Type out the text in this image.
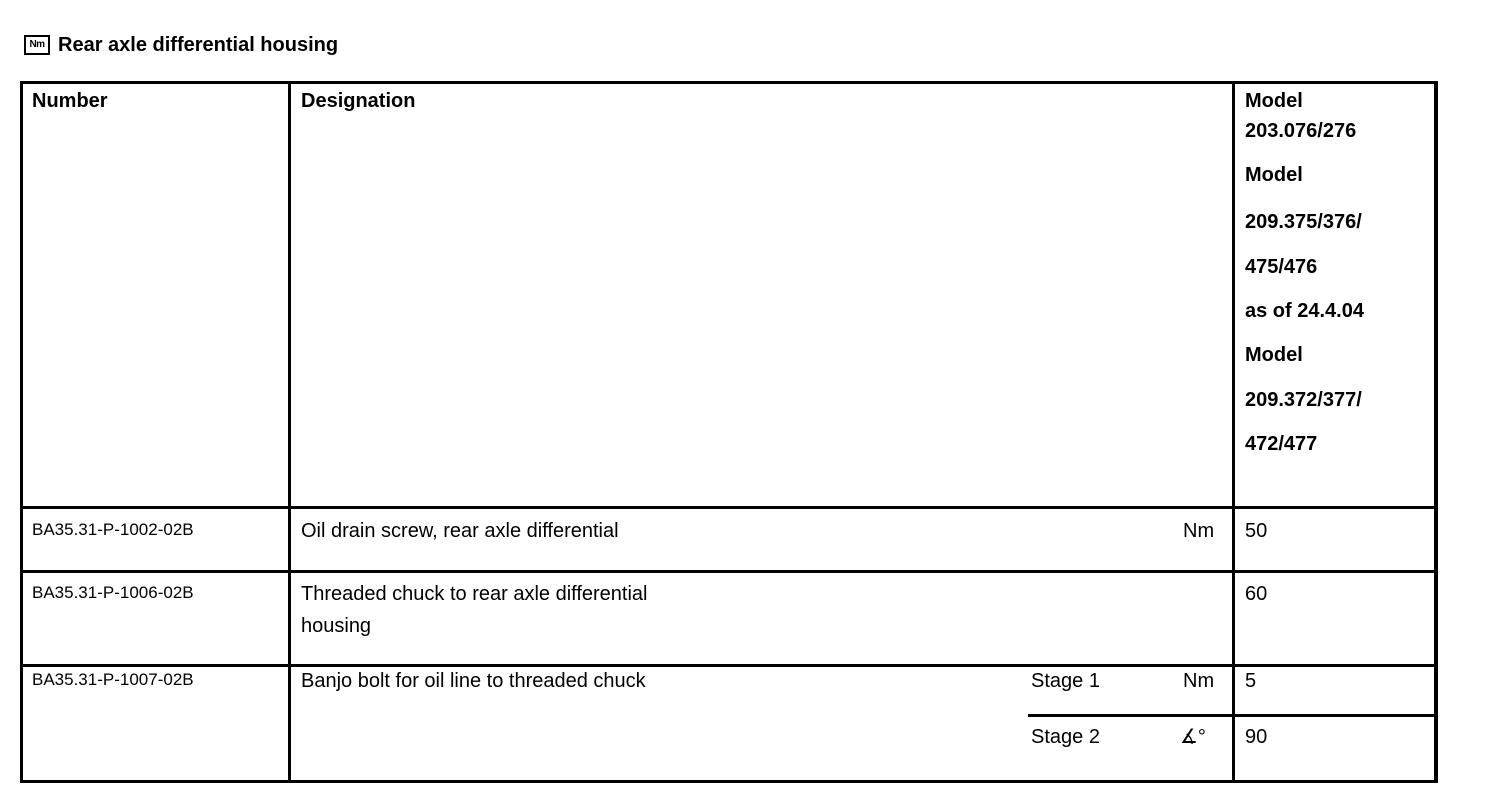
Nm Rear axle differential housing
Number	Designation	Model
203.076/276
Model
209.375/376/
475/476
as of 24.4.04
Model
209.372/377/
472/477
BA35.31-P-1002-02B	Oil drain screw, rear axle differential	Nm 50
BA35.31-P-1006-02B	Threaded chuck to rear axle differential
housing
60
BA35.31-P-1007-02B	Banjo bolt for oil line to threaded chuck	Stage 1	Nm 5
Stage 2	∡° 90
